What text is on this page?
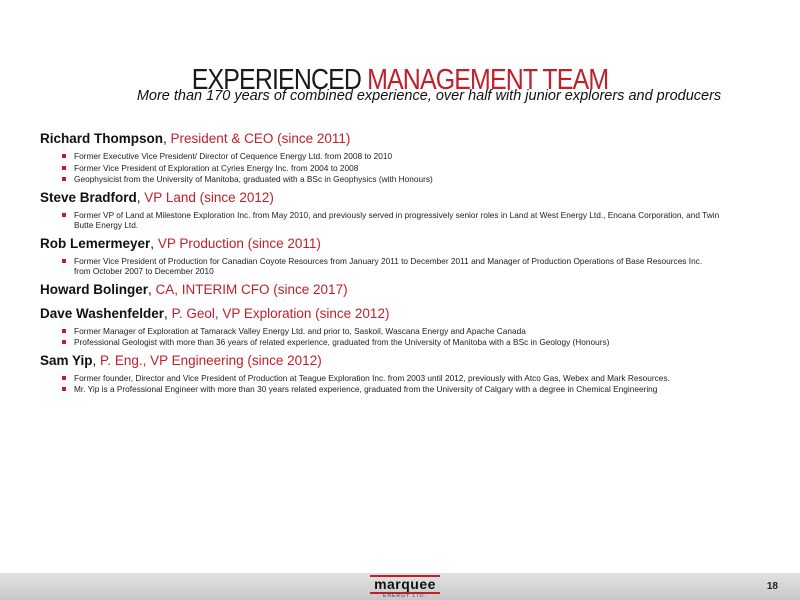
EXPERIENCED MANAGEMENT TEAM
More than 170 years of combined experience, over half with junior explorers and producers
Richard Thompson, President & CEO (since 2011)
Former Executive Vice President/ Director of Cequence Energy Ltd. from 2008 to 2010
Former Vice President of Exploration at Cyries Energy Inc. from 2004 to 2008
Geophysicist from the University of Manitoba, graduated with a BSc in Geophysics (with Honours)
Steve Bradford, VP Land (since 2012)
Former VP of Land at Milestone Exploration Inc. from May 2010, and previously served in progressively senior roles in Land at West Energy Ltd., Encana Corporation, and Twin Butte Energy Ltd.
Rob Lemermeyer, VP Production (since 2011)
Former Vice President of Production for Canadian Coyote Resources from January 2011 to December 2011 and Manager of Production Operations of Base Resources Inc. from October 2007 to December 2010
Howard Bolinger, CA, INTERIM CFO (since 2017)
Dave Washenfelder, P. Geol, VP Exploration (since 2012)
Former Manager of Exploration at Tamarack Valley Energy Ltd. and prior to, Saskoil, Wascana Energy and Apache Canada
Professional Geologist with more than 36 years of related experience, graduated from the University of Manitoba with a BSc in Geology (Honours)
Sam Yip, P. Eng., VP Engineering (since 2012)
Former founder, Director and Vice President of Production at Teague Exploration Inc. from 2003 until 2012, previously with Atco Gas, Webex and Mark Resources.
Mr. Yip is a Professional Engineer with more than 30 years related experience, graduated from the University of Calgary with a degree in Chemical Engineering
marquee
ENERGY LTD.
18
